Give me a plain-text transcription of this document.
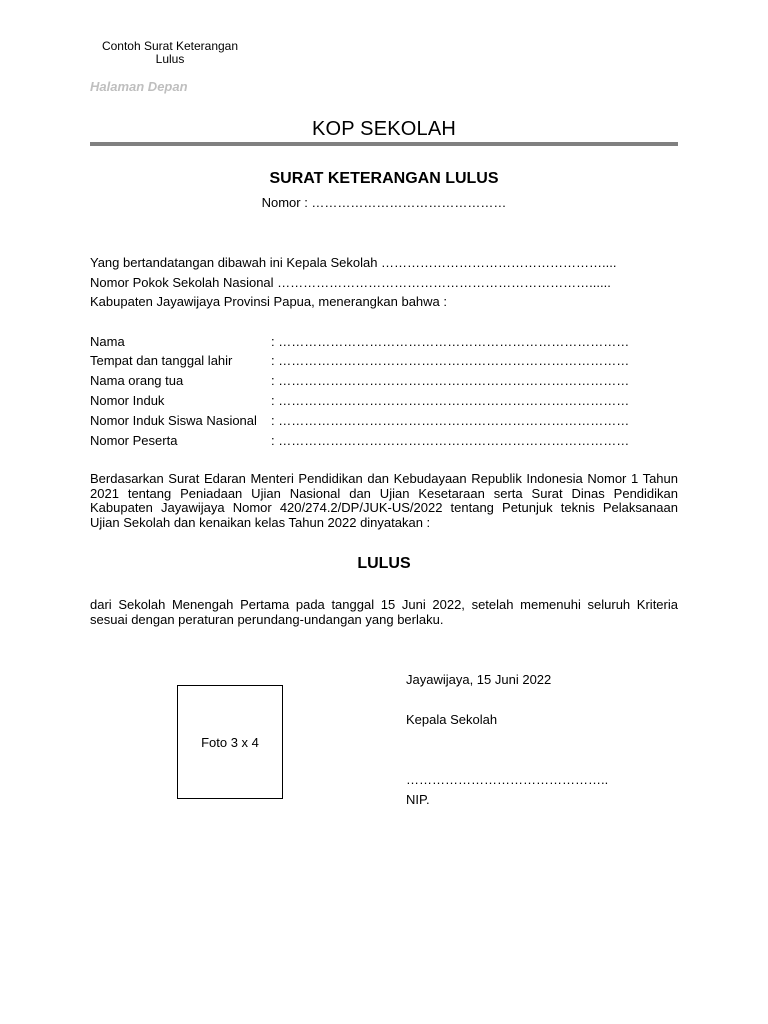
Contoh Surat Keterangan Lulus
Halaman Depan
KOP SEKOLAH
SURAT KETERANGAN LULUS
Nomor : ………………………………………
Yang bertandatangan dibawah ini Kepala Sekolah ……………………………………………....
Nomor Pokok Sekolah Nasional ………………………………………………………………......
Kabupaten Jayawijaya Provinsi Papua, menerangkan bahwa :
Nama	: ………………………………………………………………………
Tempat dan tanggal lahir	: ………………………………………………………………………
Nama orang tua	: ………………………………………………………………………
Nomor Induk	: ………………………………………………………………………
Nomor Induk Siswa Nasional : ………………………………………………………………………
Nomor Peserta	: ………………………………………………………………………
Berdasarkan Surat Edaran Menteri Pendidikan dan Kebudayaan Republik Indonesia Nomor 1 Tahun 2021 tentang Peniadaan Ujian Nasional dan Ujian Kesetaraan serta Surat Dinas Pendidikan Kabupaten Jayawijaya Nomor 420/274.2/DP/JUK-US/2022 tentang Petunjuk teknis Pelaksanaan Ujian Sekolah dan kenaikan kelas Tahun 2022 dinyatakan :
LULUS
dari Sekolah Menengah Pertama pada tanggal 15 Juni 2022, setelah memenuhi seluruh Kriteria sesuai dengan peraturan perundang-undangan yang berlaku.
Jayawijaya, 15 Juni 2022
Kepala Sekolah
………………………………………..
NIP.
Foto 3 x 4
